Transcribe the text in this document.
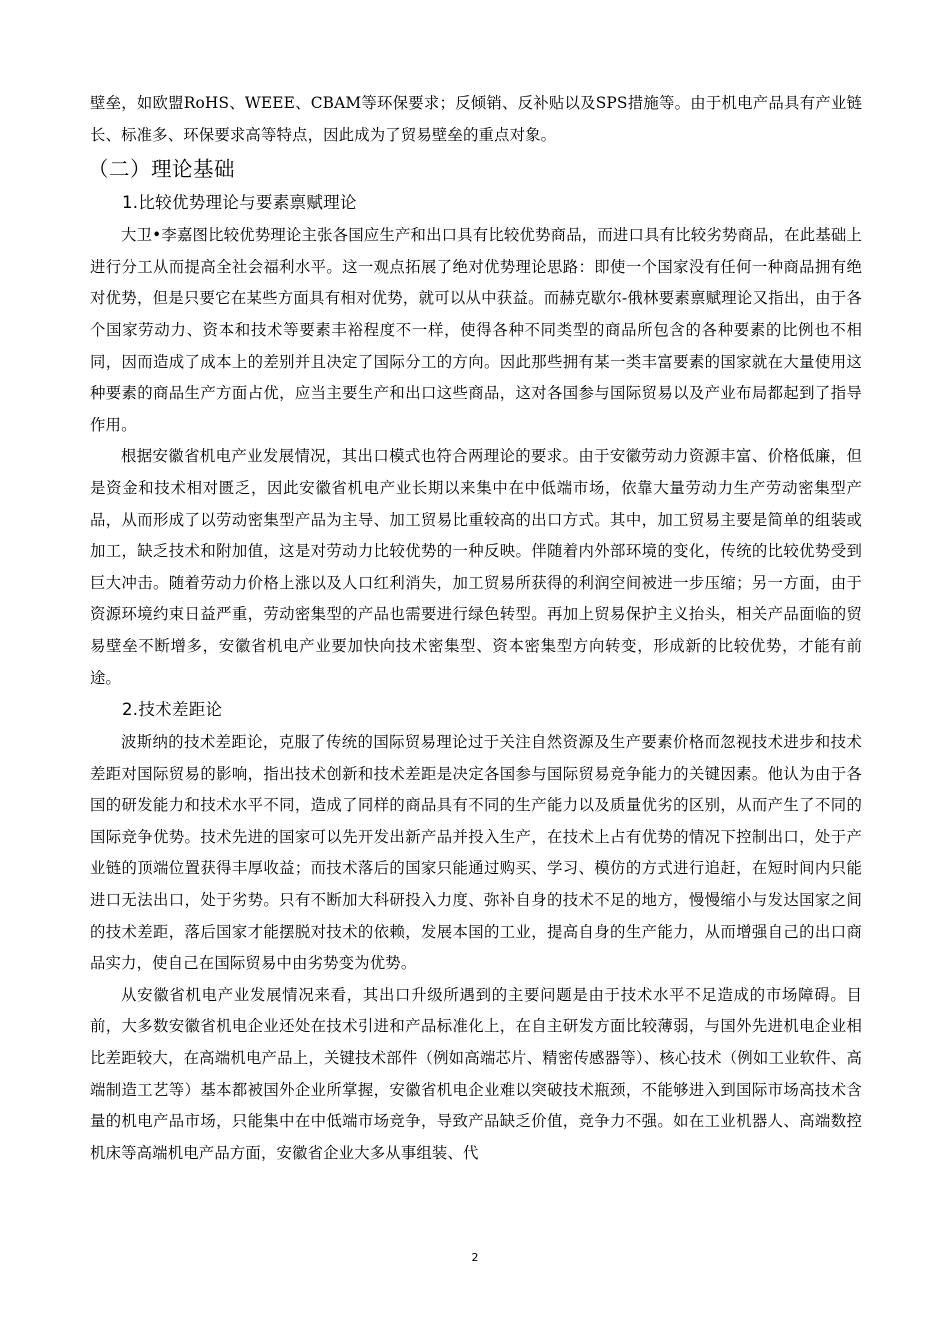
壁垒，如欧盟RoHS、WEEE、CBAM等环保要求；反倾销、反补贴以及SPS措施等。由于机电产品具有产业链长、标准多、环保要求高等特点，因此成为了贸易壁垒的重点对象。

（二）理论基础
1.比较优势理论与要素禀赋理论

大卫•李嘉图比较优势理论主张各国应生产和出口具有比较优势商品，而进口具有比较劣势商品，在此基础上进行分工从而提高全社会福利水平。这一观点拓展了绝对优势理论思路：即使一个国家没有任何一种商品拥有绝对优势，但是只要它在某些方面具有相对优势，就可以从中获益。而赫克歇尔-俄林要素禀赋理论又指出，由于各个国家劳动力、资本和技术等要素丰裕程度不一样，使得各种不同类型的商品所包含的各种要素的比例也不相同，因而造成了成本上的差别并且决定了国际分工的方向。因此那些拥有某一类丰富要素的国家就在大量使用这种要素的商品生产方面占优，应当主要生产和出口这些商品，这对各国参与国际贸易以及产业布局都起到了指导作用。

根据安徽省机电产业发展情况，其出口模式也符合两理论的要求。由于安徽劳动力资源丰富、价格低廉，但是资金和技术相对匮乏，因此安徽省机电产业长期以来集中在中低端市场，依靠大量劳动力生产劳动密集型产品，从而形成了以劳动密集型产品为主导、加工贸易比重较高的出口方式。其中，加工贸易主要是简单的组装或加工，缺乏技术和附加值，这是对劳动力比较优势的一种反映。伴随着内外部环境的变化，传统的比较优势受到巨大冲击。随着劳动力价格上涨以及人口红利消失，加工贸易所获得的利润空间被进一步压缩；另一方面，由于资源环境约束日益严重，劳动密集型的产品也需要进行绿色转型。再加上贸易保护主义抬头，相关产品面临的贸易壁垒不断增多，安徽省机电产业要加快向技术密集型、资本密集型方向转变，形成新的比较优势，才能有前途。

2.技术差距论

波斯纳的技术差距论，克服了传统的国际贸易理论过于关注自然资源及生产要素价格而忽视技术进步和技术差距对国际贸易的影响，指出技术创新和技术差距是决定各国参与国际贸易竞争能力的关键因素。他认为由于各国的研发能力和技术水平不同，造成了同样的商品具有不同的生产能力以及质量优劣的区别，从而产生了不同的国际竞争优势。技术先进的国家可以先开发出新产品并投入生产，在技术上占有优势的情况下控制出口，处于产业链的顶端位置获得丰厚收益；而技术落后的国家只能通过购买、学习、模仿的方式进行追赶，在短时间内只能进口无法出口，处于劣势。只有不断加大科研投入力度、弥补自身的技术不足的地方，慢慢缩小与发达国家之间的技术差距，落后国家才能摆脱对技术的依赖，发展本国的工业，提高自身的生产能力，从而增强自己的出口商品实力，使自己在国际贸易中由劣势变为优势。

从安徽省机电产业发展情况来看，其出口升级所遇到的主要问题是由于技术水平不足造成的市场障碍。目前，大多数安徽省机电企业还处在技术引进和产品标准化上，在自主研发方面比较薄弱，与国外先进机电企业相比差距较大，在高端机电产品上，关键技术部件（例如高端芯片、精密传感器等）、核心技术（例如工业软件、高端制造工艺等）基本都被国外企业所掌握，安徽省机电企业难以突破技术瓶颈，不能够进入到国际市场高技术含量的机电产品市场，只能集中在中低端市场竞争，导致产品缺乏价值，竞争力不强。如在工业机器人、高端数控机床等高端机电产品方面，安徽省企业大多从事组装、代

2
